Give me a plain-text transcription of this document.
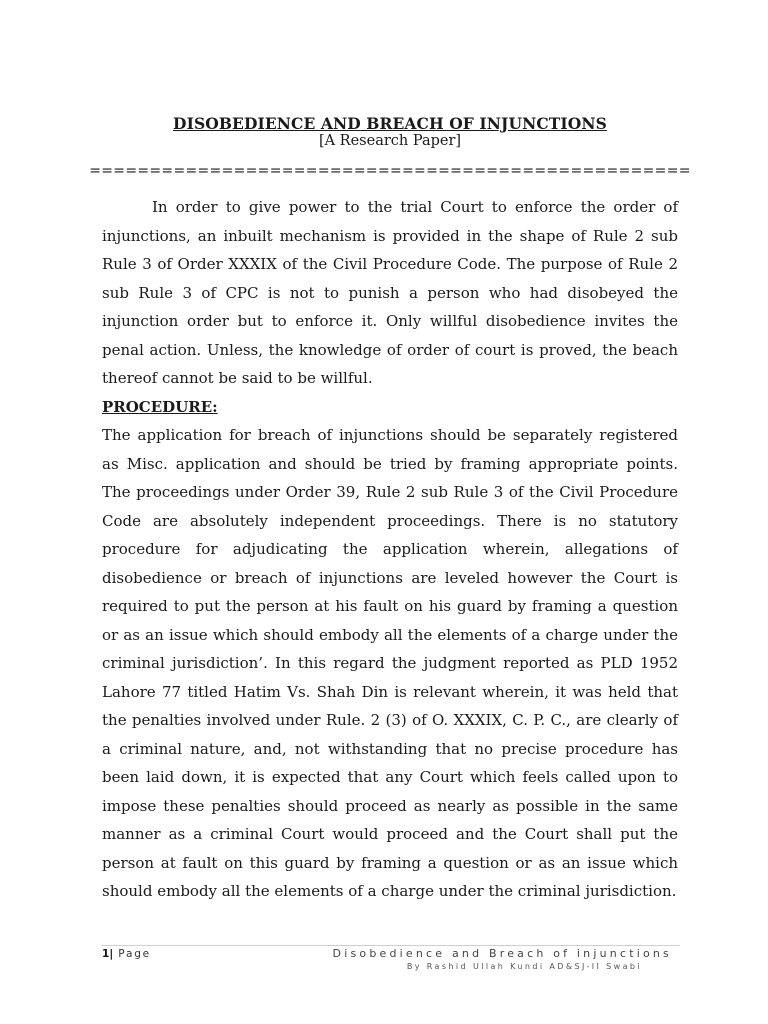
DISOBEDIENCE AND BREACH OF INJUNCTIONS
[A Research Paper]
==================================================

In order to give power to the trial Court to enforce the order of injunctions, an inbuilt mechanism is provided in the shape of Rule 2 sub Rule 3 of Order XXXIX of the Civil Procedure Code. The purpose of Rule 2 sub Rule 3 of CPC is not to punish a person who had disobeyed the injunction order but to enforce it. Only willful disobedience invites the penal action. Unless, the knowledge of order of court is proved, the beach thereof cannot be said to be willful.

PROCEDURE:

The application for breach of injunctions should be separately registered as Misc. application and should be tried by framing appropriate points. The proceedings under Order 39, Rule 2 sub Rule 3 of the Civil Procedure Code are absolutely independent proceedings. There is no statutory procedure for adjudicating the application wherein, allegations of disobedience or breach of injunctions are leveled however the Court is required to put the person at his fault on his guard by framing a question or as an issue which should embody all the elements of a charge under the criminal jurisdiction’. In this regard the judgment reported as PLD 1952 Lahore 77 titled Hatim Vs. Shah Din is relevant wherein, it was held that the penalties involved under Rule. 2 (3) of O. XXXIX, C. P. C., are clearly of a criminal nature, and, not withstanding that no precise procedure has been laid down, it is expected that any Court which feels called upon to impose these penalties should proceed as nearly as possible in the same manner as a criminal Court would proceed and the Court shall put the person at fault on this guard by framing a question or as an issue which should embody all the elements of a charge under the criminal jurisdiction.

1| Page	Disobedience and Breach of injunctions
By Rashid Ullah Kundi AD&SJ-II Swabi
